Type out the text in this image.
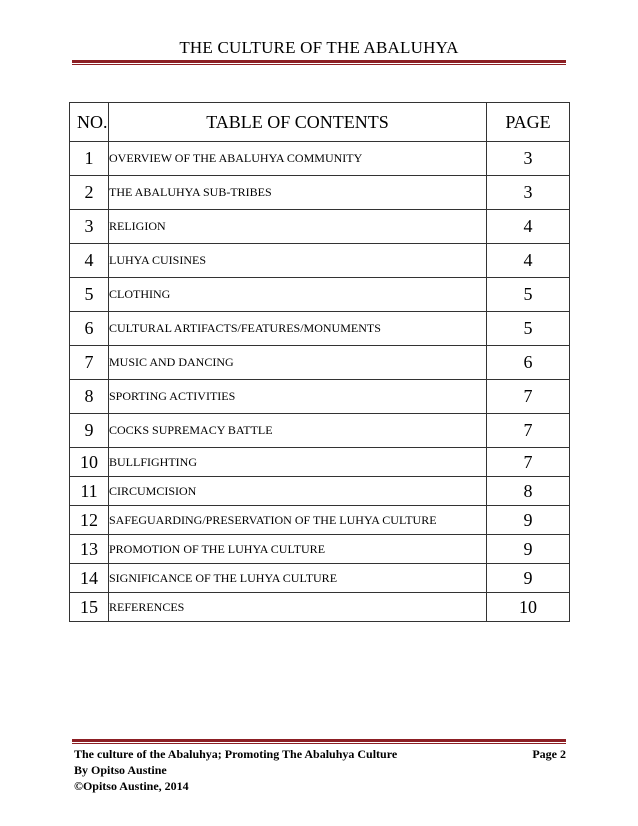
THE CULTURE OF THE ABALUHYA
NO.	TABLE OF CONTENTS	PAGE
1	OVERVIEW OF THE ABALUHYA COMMUNITY	3
2	THE ABALUHYA SUB-TRIBES	3
3	RELIGION	4
4	LUHYA CUISINES	4
5	CLOTHING	5
6	CULTURAL ARTIFACTS/FEATURES/MONUMENTS	5
7	MUSIC AND DANCING	6
8	SPORTING ACTIVITIES	7
9	COCKS SUPREMACY BATTLE	7
10	BULLFIGHTING	7
11	CIRCUMCISION	8
12	SAFEGUARDING/PRESERVATION OF THE LUHYA CULTURE	9
13	PROMOTION OF THE LUHYA CULTURE	9
14	SIGNIFICANCE OF THE LUHYA CULTURE	9
15	REFERENCES	10
The culture of the Abaluhya; Promoting The Abaluhya Culture	Page 2
By Opitso Austine
©Opitso Austine, 2014
